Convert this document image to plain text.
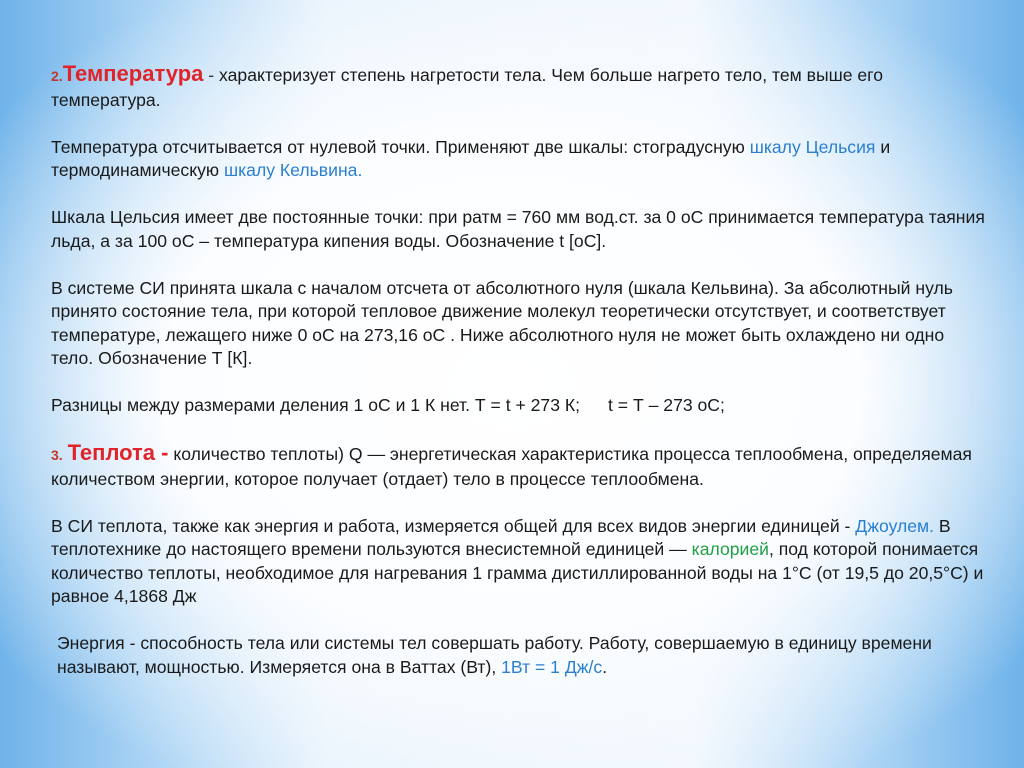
2.Температура - характеризует степень нагретости тела. Чем больше нагрето тело, тем выше его температура.

Температура отсчитывается от нулевой точки. Применяют две шкалы: стоградусную шкалу Цельсия и термодинамическую шкалу Кельвина.

Шкала Цельсия имеет две постоянные точки: при ратм = 760 мм вод.ст. за 0 оС принимается температура таяния льда, а за 100 оС – температура кипения воды. Обозначение t [оС].

В системе СИ принята шкала с началом отсчета от абсолютного нуля (шкала Кельвина). За абсолютный нуль принято состояние тела, при которой тепловое движение молекул теоретически отсутствует, и соответствует температуре, лежащего ниже 0 оС на 273,16 оС . Ниже абсолютного нуля не может быть охлаждено ни одно тело. Обозначение Т [К].

Разницы между размерами деления 1 оС и 1 К нет. Т = t + 273 К; t = Т – 273 оС;

3. Теплота - количество теплоты) Q — энергетическая характеристика процесса теплообмена, определяемая количеством энергии, которое получает (отдает) тело в процессе теплообмена.

В СИ теплота, также как энергия и работа, измеряется общей для всех видов энергии единицей - Джоулем. В теплотехнике до настоящего времени пользуются внесистемной единицей — калорией, под которой понимается количество теплоты, необходимое для нагревания 1 грамма дистиллированной воды на 1°С (от 19,5 до 20,5°С) и равное 4,1868 Дж

Энергия - способность тела или системы тел совершать работу. Работу, совершаемую в единицу времени называют, мощностью. Измеряется она в Ваттах (Вт), 1Вт = 1 Дж/с.
